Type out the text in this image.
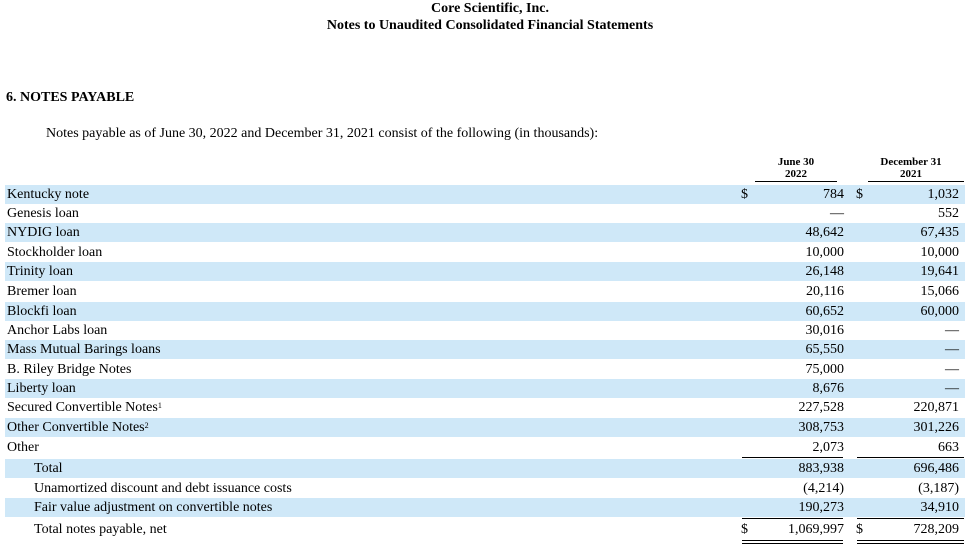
Core Scientific, Inc.
Notes to Unaudited Consolidated Financial Statements
6. NOTES PAYABLE
Notes payable as of June 30, 2022 and December 31, 2021 consist of the following (in thousands):
June 30
2022
December 31
2021
Kentucky note	$	784 $	1,032
Genesis loan	—	552
NYDIG loan	48,642	67,435
Stockholder loan	10,000	10,000
Trinity loan	26,148	19,641
Bremer loan	20,116	15,066
Blockfi loan	60,652	60,000
Anchor Labs loan	30,016	—
Mass Mutual Barings loans	65,550	—
B. Riley Bridge Notes	75,000	—
Liberty loan	8,676	—
Secured Convertible Notes$^1$	227,528	220,871
Other Convertible Notes$^2$	308,753	301,226
Other	2,073	663
Total	883,938	696,486
Unamortized discount and debt issuance costs	(4,214)	(3,187)
Fair value adjustment on convertible notes	190,273	34,910
Total notes payable, net	$	1,069,997 $	728,209
